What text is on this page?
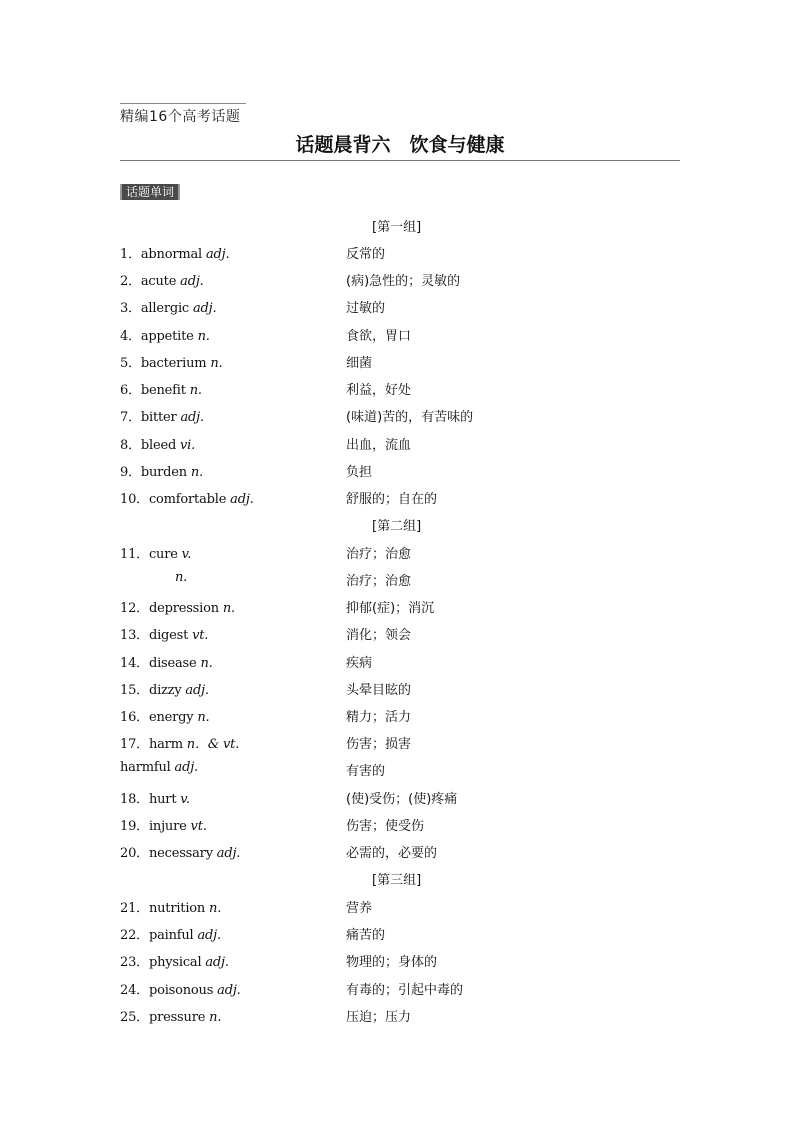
精编16个高考话题
话题晨背六　饮食与健康
话题单词
[第一组]
[第二组]
[第三组]
1．abnormal adj.	反常的
2．acute adj.	(病)急性的；灵敏的
3．allergic adj.	过敏的
4．appetite n.	食欲，胃口
5．bacterium n.	细菌
6．benefit n.	利益，好处
7．bitter adj.	(味道)苦的，有苦味的
8．bleed vi.	出血，流血
9．burden n.	负担
10．comfortable adj.	舒服的；自在的
11．cure v.	治疗；治愈
n.	治疗；治愈
12．depression n.	抑郁(症)；消沉
13．digest vt.	消化；领会
14．disease n.	疾病
15．dizzy adj.	头晕目眩的
16．energy n.	精力；活力
17．harm n．& vt.	伤害；损害
harmful adj.	有害的
18．hurt v.	(使)受伤；(使)疼痛
19．injure vt.	伤害；使受伤
20．necessary adj.	必需的，必要的
21．nutrition n.	营养
22．painful adj.	痛苦的
23．physical adj.	物理的；身体的
24．poisonous adj.	有毒的；引起中毒的
25．pressure n.	压迫；压力
